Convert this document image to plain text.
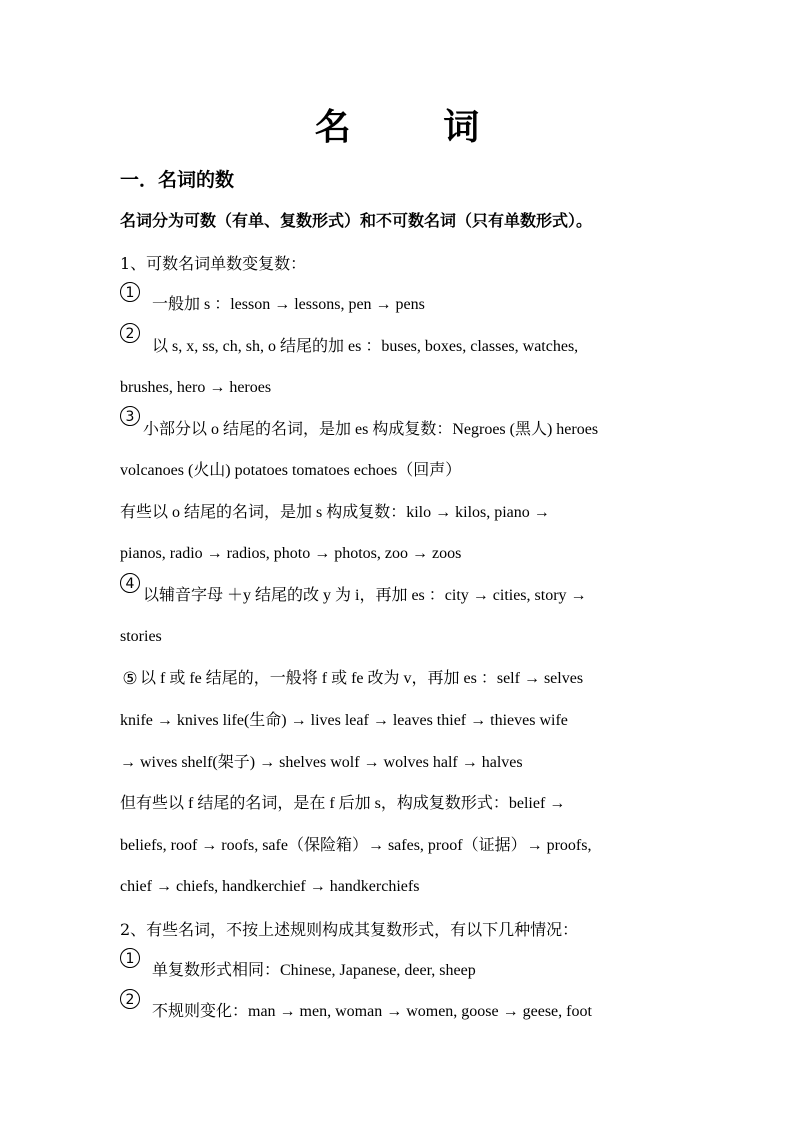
名 词
一．名词的数
名词分为可数（有单、复数形式）和不可数名词（只有单数形式）。
1、可数名词单数变复数：
1
一般加 s ：lesson → lessons, pen → pens
2
以 s, x, ss, ch, sh, o 结尾的加 es ：buses, boxes, classes, watches,
brushes, hero → heroes
3
小部分以 o 结尾的名词，是加 es 构成复数：Negroes (黑人) heroes
volcanoes (火山) potatoes tomatoes echoes（回声）
有些以 o 结尾的名词，是加 s 构成复数：kilo → kilos, piano →
pianos, radio → radios, photo → photos, zoo → zoos
4
以辅音字母 ＋y 结尾的改 y 为 i，再加 es ：city → cities, story →
stories
⑤ 以 f 或 fe 结尾的，一般将 f 或 fe 改为 v，再加 es ：self → selves
knife → knives life(生命) → lives leaf → leaves thief → thieves wife
→ wives shelf(架子) → shelves wolf → wolves half → halves
但有些以 f 结尾的名词，是在 f 后加 s，构成复数形式：belief →
beliefs, roof → roofs, safe（保险箱）→ safes, proof（证据）→ proofs,
chief → chiefs, handkerchief → handkerchiefs
2、有些名词，不按上述规则构成其复数形式，有以下几种情况：
1
单复数形式相同：Chinese, Japanese, deer, sheep
2
不规则变化：man → men, woman → women, goose → geese, foot
